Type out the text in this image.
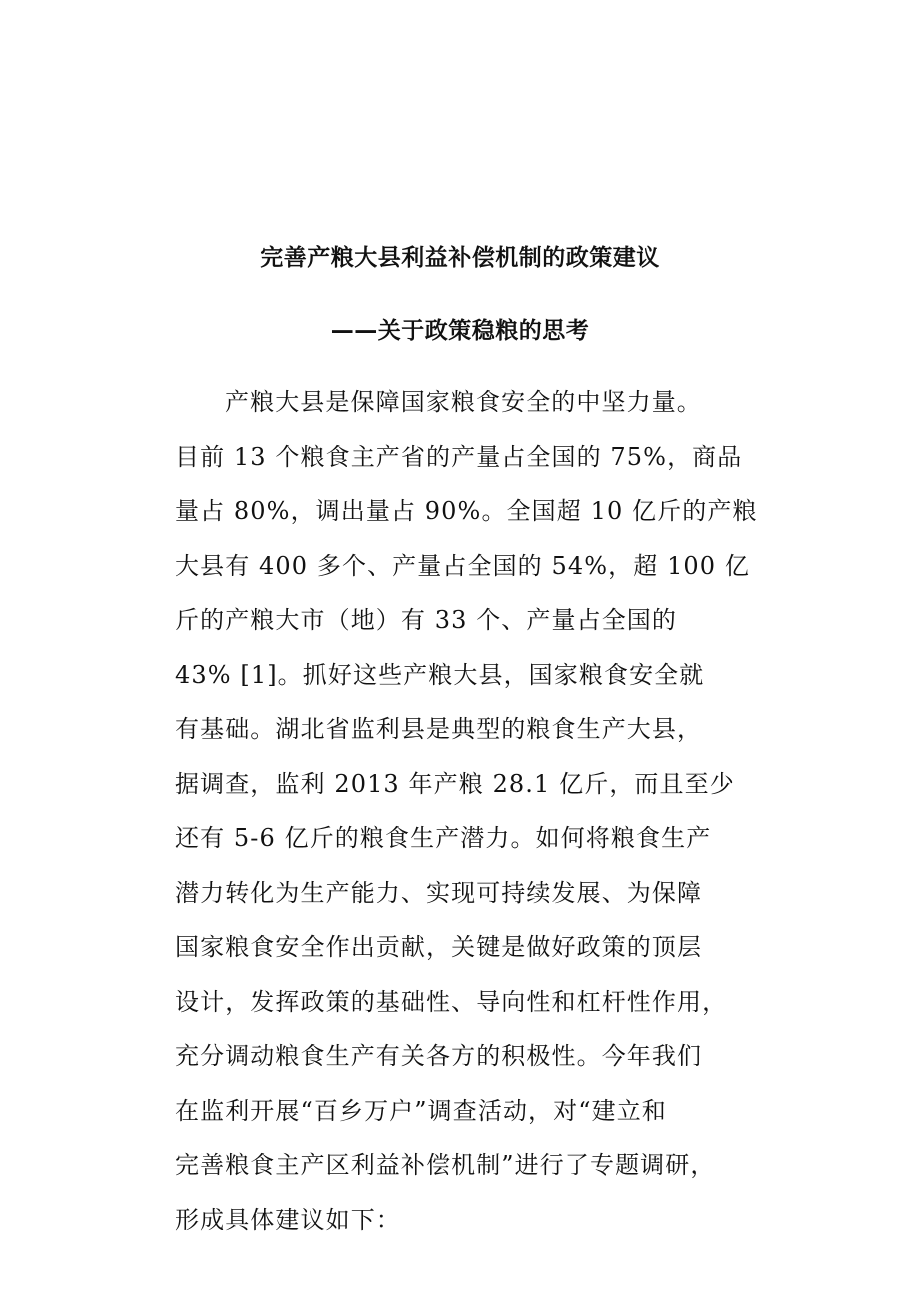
完善产粮大县利益补偿机制的政策建议
——关于政策稳粮的思考
产粮大县是保障国家粮食安全的中坚力量。
目前 13 个粮食主产省的产量占全国的 75%，商品
量占 80%，调出量占 90%。全国超 10 亿斤的产粮
大县有 400 多个、产量占全国的 54%，超 100 亿
斤的产粮大市（地）有 33 个、产量占全国的
43% [1]。抓好这些产粮大县，国家粮食安全就
有基础。湖北省监利县是典型的粮食生产大县，
据调查，监利 2013 年产粮 28.1 亿斤，而且至少
还有 5-6 亿斤的粮食生产潜力。如何将粮食生产
潜力转化为生产能力、实现可持续发展、为保障
国家粮食安全作出贡献，关键是做好政策的顶层
设计，发挥政策的基础性、导向性和杠杆性作用，
充分调动粮食生产有关各方的积极性。今年我们
在监利开展“百乡万户”调查活动，对“建立和
完善粮食主产区利益补偿机制”进行了专题调研，
形成具体建议如下：
